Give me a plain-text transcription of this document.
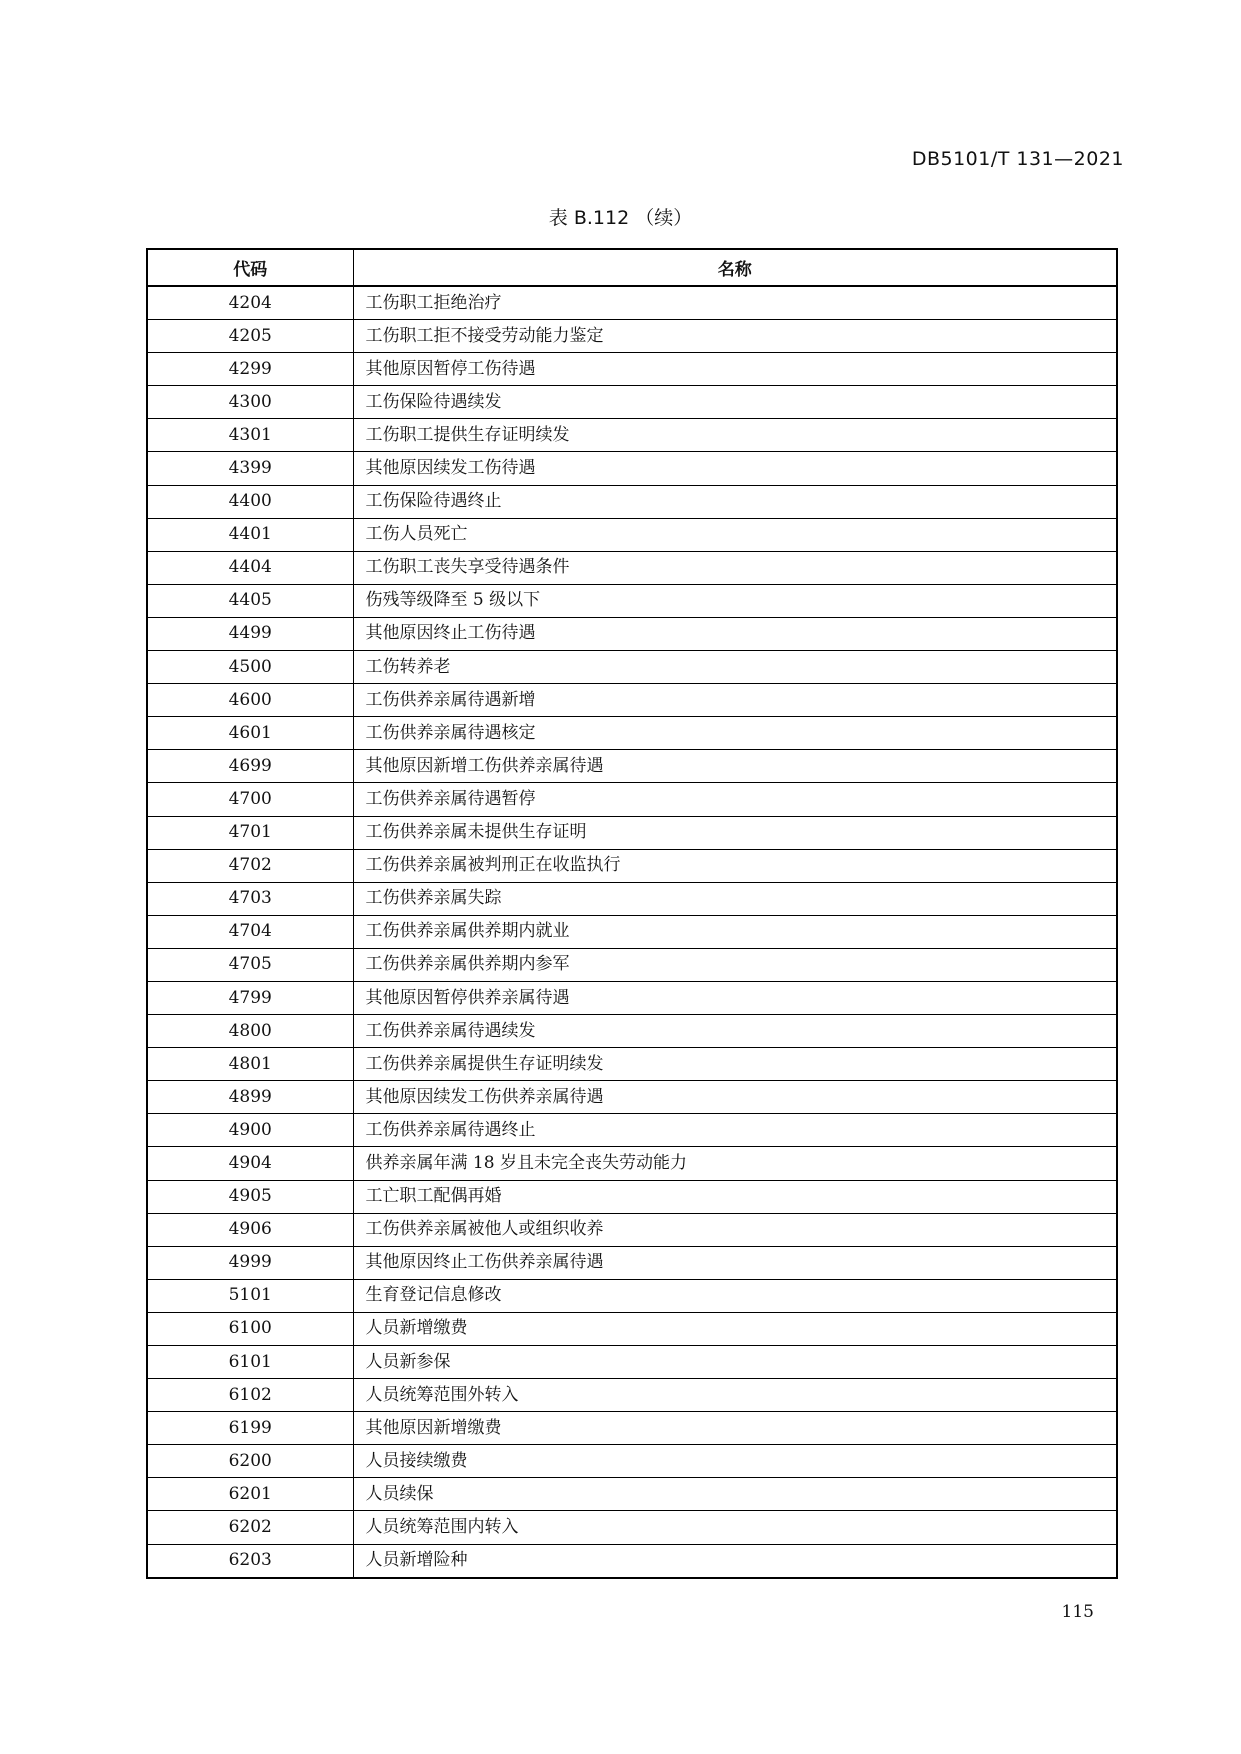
DB5101/T 131—2021
表 B.112 （续）
代码	名称
4204	工伤职工拒绝治疗
4205	工伤职工拒不接受劳动能力鉴定
4299	其他原因暂停工伤待遇
4300	工伤保险待遇续发
4301	工伤职工提供生存证明续发
4399	其他原因续发工伤待遇
4400	工伤保险待遇终止
4401	工伤人员死亡
4404	工伤职工丧失享受待遇条件
4405	伤残等级降至 5 级以下
4499	其他原因终止工伤待遇
4500	工伤转养老
4600	工伤供养亲属待遇新增
4601	工伤供养亲属待遇核定
4699	其他原因新增工伤供养亲属待遇
4700	工伤供养亲属待遇暂停
4701	工伤供养亲属未提供生存证明
4702	工伤供养亲属被判刑正在收监执行
4703	工伤供养亲属失踪
4704	工伤供养亲属供养期内就业
4705	工伤供养亲属供养期内参军
4799	其他原因暂停供养亲属待遇
4800	工伤供养亲属待遇续发
4801	工伤供养亲属提供生存证明续发
4899	其他原因续发工伤供养亲属待遇
4900	工伤供养亲属待遇终止
4904	供养亲属年满 18 岁且未完全丧失劳动能力
4905	工亡职工配偶再婚
4906	工伤供养亲属被他人或组织收养
4999	其他原因终止工伤供养亲属待遇
5101	生育登记信息修改
6100	人员新增缴费
6101	人员新参保
6102	人员统筹范围外转入
6199	其他原因新增缴费
6200	人员接续缴费
6201	人员续保
6202	人员统筹范围内转入
6203	人员新增险种
115
